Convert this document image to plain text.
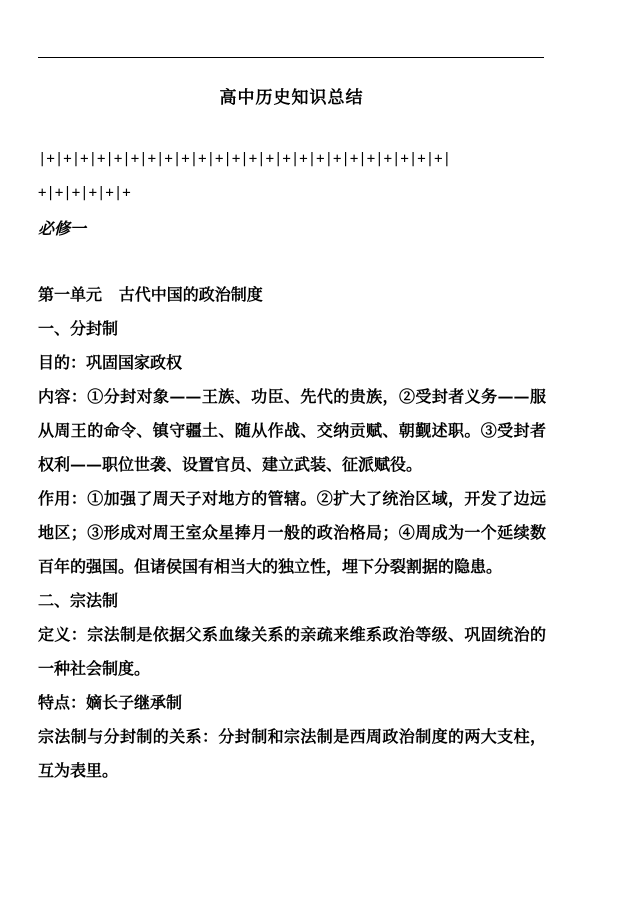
高中历史知识总结
|+|+|+|+|+|+|+|+|+|+|+|+|+|+|+|+|+|+|+|+|+|+|+|+|
+|+|+|+|+|+
必修一

第一单元   古代中国的政治制度

一、分封制

目的：巩固国家政权

内容：①分封对象——王族、功臣、先代的贵族，②受封者义务——服从周王的命令、镇守疆土、随从作战、交纳贡赋、朝觐述职。③受封者权利——职位世袭、设置官员、建立武装、征派赋役。

作用：①加强了周天子对地方的管辖。②扩大了统治区域，开发了边远地区；③形成对周王室众星捧月一般的政治格局；④周成为一个延续数百年的强国。但诸侯国有相当大的独立性，埋下分裂割据的隐患。

二、宗法制

定义：宗法制是依据父系血缘关系的亲疏来维系政治等级、巩固统治的一种社会制度。

特点：嫡长子继承制

宗法制与分封制的关系：分封制和宗法制是西周政治制度的两大支柱，互为表里。
